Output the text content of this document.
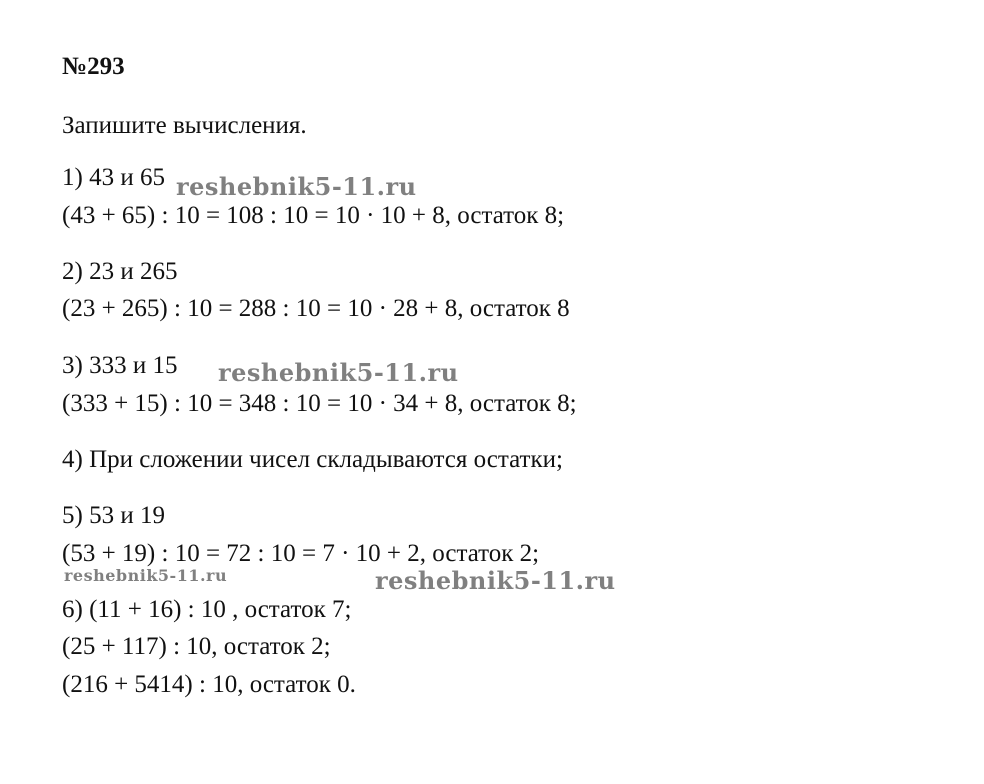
№293
Запишите вычисления.
1) 43 и 65
(43 + 65) : 10 = 108 : 10 = 10 · 10 + 8, остаток 8;
2) 23 и 265
(23 + 265) : 10 = 288 : 10 = 10 · 28 + 8, остаток 8
3) 333 и 15
(333 + 15) : 10 = 348 : 10 = 10 · 34 + 8, остаток 8;
4) При сложении чисел складываются остатки;
5) 53 и 19
(53 + 19) : 10 = 72 : 10 = 7 · 10 + 2, остаток 2;
6) (11 + 16) : 10 , остаток 7;
(25 + 117) : 10, остаток 2;
(216 + 5414) : 10, остаток 0.
reshebnik5-11.ru
reshebnik5-11.ru
reshebnik5-11.ru	reshebnik5-11.ru
